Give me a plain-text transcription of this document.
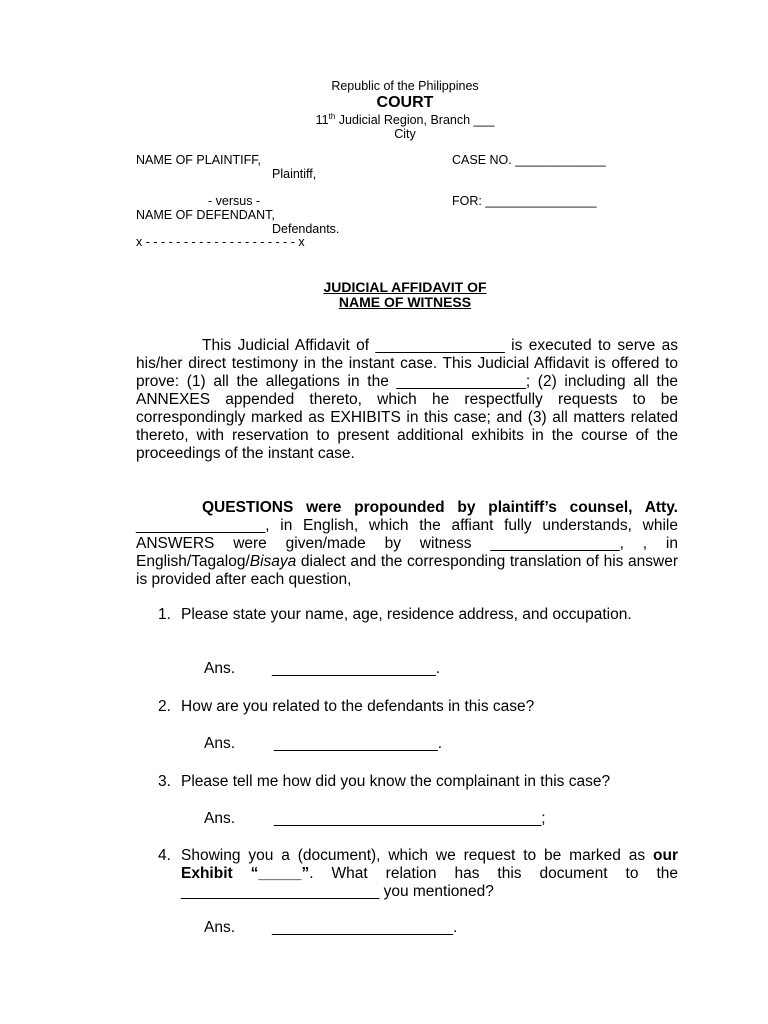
Republic of the Philippines
COURT
11th Judicial Region, Branch ___
City
NAME OF PLAINTIFF,
Plaintiff,
CASE NO. _____________
- versus -	FOR: ________________
NAME OF DEFENDANT,
Defendants.
x - - - - - - - - - - - - - - - - - - - - x
JUDICIAL AFFIDAVIT OF
NAME OF WITNESS
This Judicial Affidavit of _______________ is executed to serve as his/her direct testimony in the instant case. This Judicial Affidavit is offered to prove: (1) all the allegations in the _______________; (2) including all the ANNEXES appended thereto, which he respectfully requests to be correspondingly marked as EXHIBITS in this case; and (3) all matters related thereto, with reservation to present additional exhibits in the course of the proceedings of the instant case.
QUESTIONS were propounded by plaintiff’s counsel, Atty. _______________, in English, which the affiant fully understands, while ANSWERS were given/made by witness _______________, , in English/Tagalog/Bisaya dialect and the corresponding translation of his answer is provided after each question,
1. Please state your name, age, residence address, and occupation.
Ans. ___________________.
2. How are you related to the defendants in this case?
Ans.	___________________.
3. Please tell me how did you know the complainant in this case?
Ans.	_______________________________;
4. Showing you a (document), which we request to be marked as our Exhibit “_____”. What relation has this document to the _______________________ you mentioned?
Ans. _____________________.
